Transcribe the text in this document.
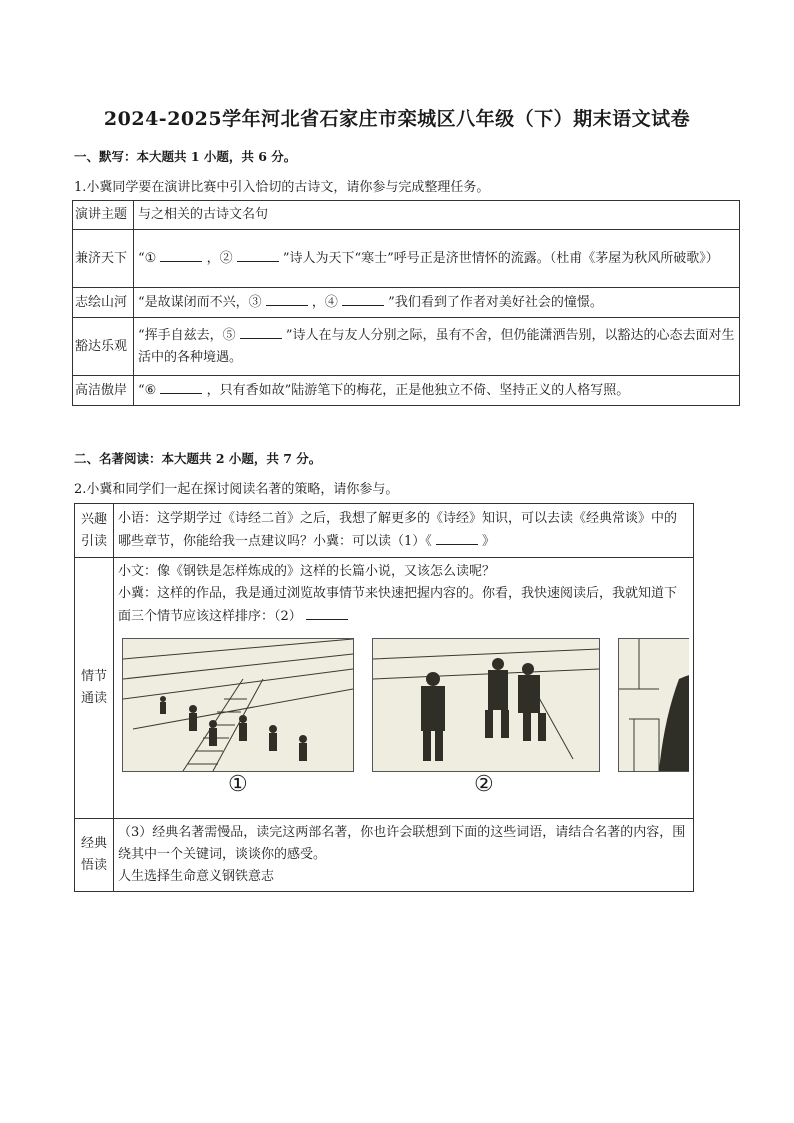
2024-2025学年河北省石家庄市栾城区八年级（下）期末语文试卷
一、默写：本大题共 1 小题，共 6 分。
1.小冀同学要在演讲比赛中引入恰切的古诗文，请你参与完成整理任务。
演讲主题	与之相关的古诗文名句
兼济天下	“① ，② ”诗人为天下“寒士”呼号正是济世情怀的流露。（杜甫《茅屋为秋风所破歌》）
志绘山河	“是故谋闭而不兴，③ ，④ ”我们看到了作者对美好社会的憧憬。
豁达乐观	“挥手自兹去，⑤ ”诗人在与友人分别之际，虽有不舍，但仍能潇洒告别，以豁达的心态去面对生活中的各种境遇。
高洁傲岸	“⑥ ，只有香如故”陆游笔下的梅花，正是他独立不倚、坚持正义的人格写照。
二、名著阅读：本大题共 2 小题，共 7 分。
2.小冀和同学们一起在探讨阅读名著的策略，请你参与。
兴趣引读	小语：这学期学过《诗经二首》之后，我想了解更多的《诗经》知识，可以去读《经典常谈》中的哪些章节，你能给我一点建议吗？小冀：可以读（1）《 》
情节通读	小文：像《钢铁是怎样炼成的》这样的长篇小说，又该怎么读呢？
小冀：这样的作品，我是通过浏览故事情节来快速把握内容的。你看，我快速阅读后，我就知道下面三个情节应该这样排序：（2）
① ②

经典悟读	（3）经典名著需慢品，读完这两部名著，你也许会联想到下面的这些词语，请结合名著的内容，围绕其中一个关键词，谈谈你的感受。
人生选择生命意义钢铁意志
